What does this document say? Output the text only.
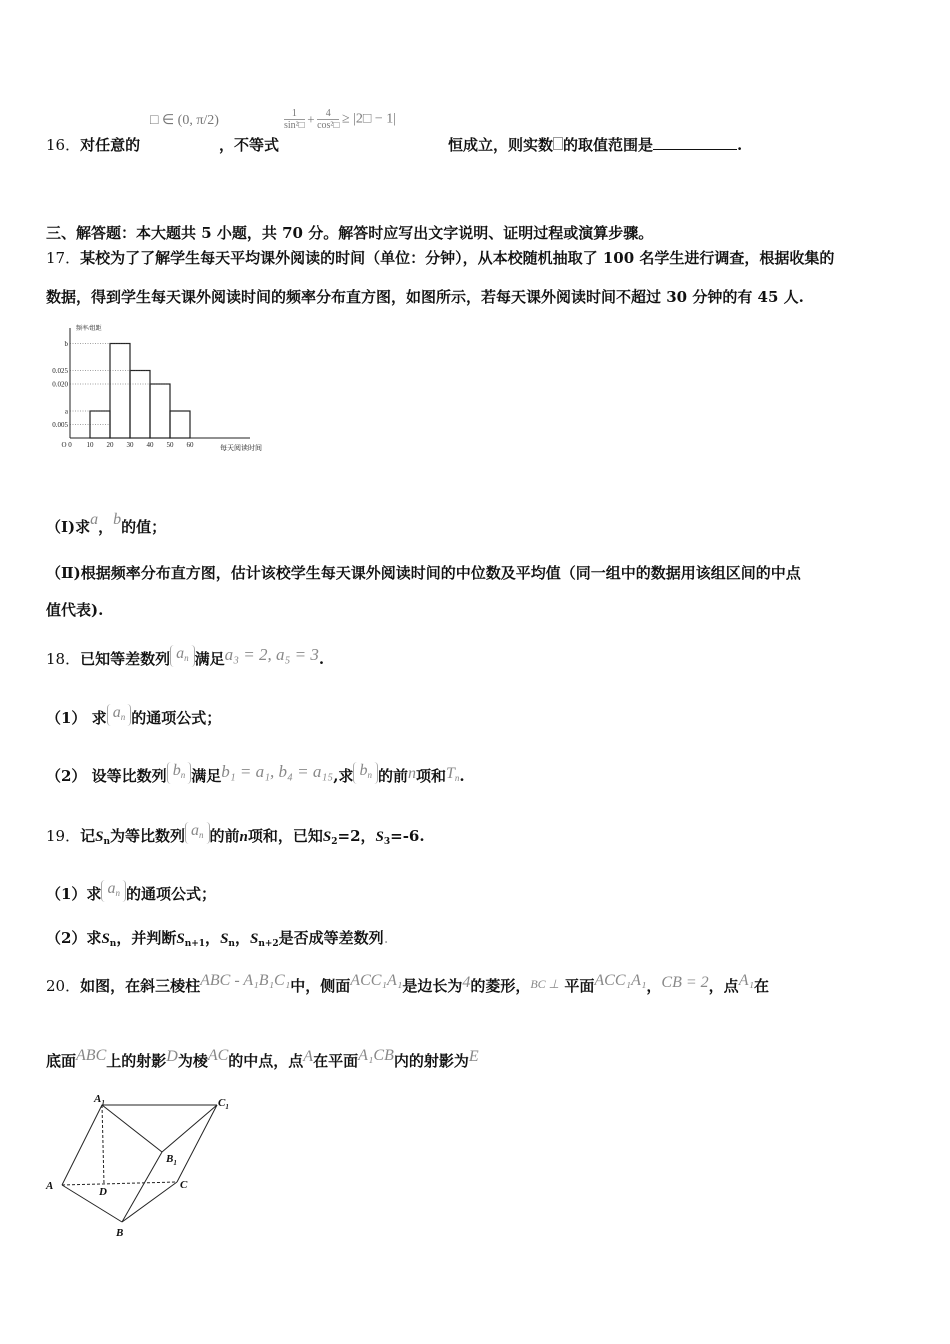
16．对任意的
□ ∈ (0, π/2)
，不等式
$\frac{1}{\text{sin²□}} + \frac{4}{\text{cos²□}}$ ≥ |2□ − 1|
恒成立，则实数 的取值范围是	.
三、解答题：本大题共 5 小题，共 70 分。解答时应写出文字说明、证明过程或演算步骤。
17．某校为了了解学生每天平均课外阅读的时间（单位：分钟），从本校随机抽取了 100 名学生进行调查，根据收集的
数据，得到学生每天课外阅读时间的频率分布直方图，如图所示，若每天课外阅读时间不超过 30 分钟的有 45 人.
频率/组距
每天阅读时间
0.005
a
0.020
0.025
b
0 10 20 30 40 50 60
O
（Ⅰ)求a，b的值；
（Ⅱ)根据频率分布直方图，估计该校学生每天课外阅读时间的中位数及平均值（同一组中的数据用该组区间的中点
值代表).
18．已知等差数列 $a_n$ 满足a₃ = 2, a₅ = 3.
（1） 求 $a_n$ 的通项公式；
（2） 设等比数列 $b_n$ 满足b₁ = a₁, b₄ = a₁₅,求 $b_n$ 的前n项和$T_n$.
19．记$S_n$为等比数列 $a_n$ 的前n项和，已知$S_2=2$，$S_3=-6$.
（1）求 $a_n$ 的通项公式；
（2）求$S_n$，并判断$S_{n+1}$，$S_n$，$S_{n+2}$是否成等差数列.
20．如图，在斜三棱柱ABC - A₁B₁C₁中，侧面ACC₁A₁是边长为4的菱形，$^{BC \perp}$ 平面ACC₁A₁，CB = 2，点A₁在
底面ABC上的射影D为棱AC的中点，点A在平面A₁CB内的射影为E
$A_1$	$C_1$
$B_1$
A	D
C
B
